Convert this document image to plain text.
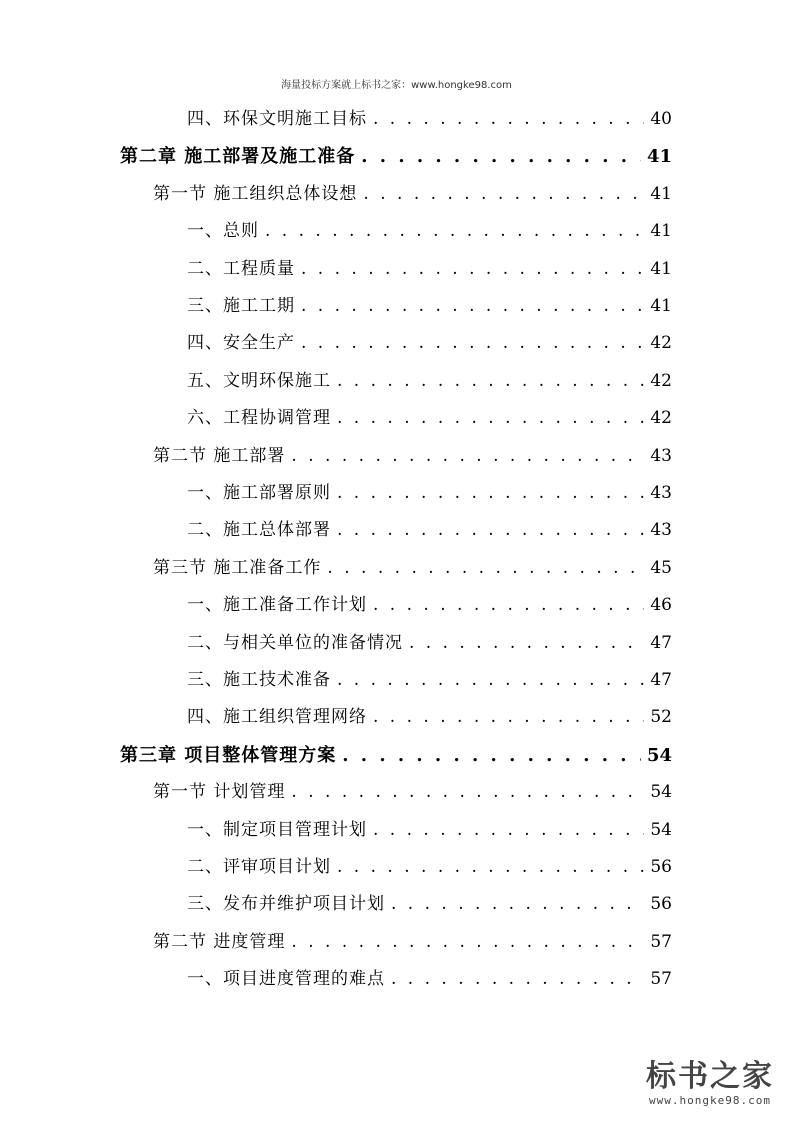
海量投标方案就上标书之家：www.hongke98.com
四、环保文明施工目标 . . .	40
第二章 施工部署及施工准备 . . .	41
第一节 施工组织总体设想 . . .	41
一、总则 . . .	41
二、工程质量 . . .	41
三、施工工期 . . .	41
四、安全生产 . . .	42
五、文明环保施工 . . .	42
六、工程协调管理 . . .	42
第二节 施工部署 . . .	43
一、施工部署原则 . . .	43
二、施工总体部署 . . .	43
第三节 施工准备工作 . . .	45
一、施工准备工作计划 . . .	46
二、与相关单位的准备情况 . . .	47
三、施工技术准备 . . .	47
四、施工组织管理网络 . . .	52
第三章 项目整体管理方案 . . .	54
第一节 计划管理 . . .	54
一、制定项目管理计划 . . .	54
二、评审项目计划 . . .	56
三、发布并维护项目计划 . . .	56
第二节 进度管理 . . .	57
一、项目进度管理的难点 . . .	57
标书之家
www.hongke98.com
